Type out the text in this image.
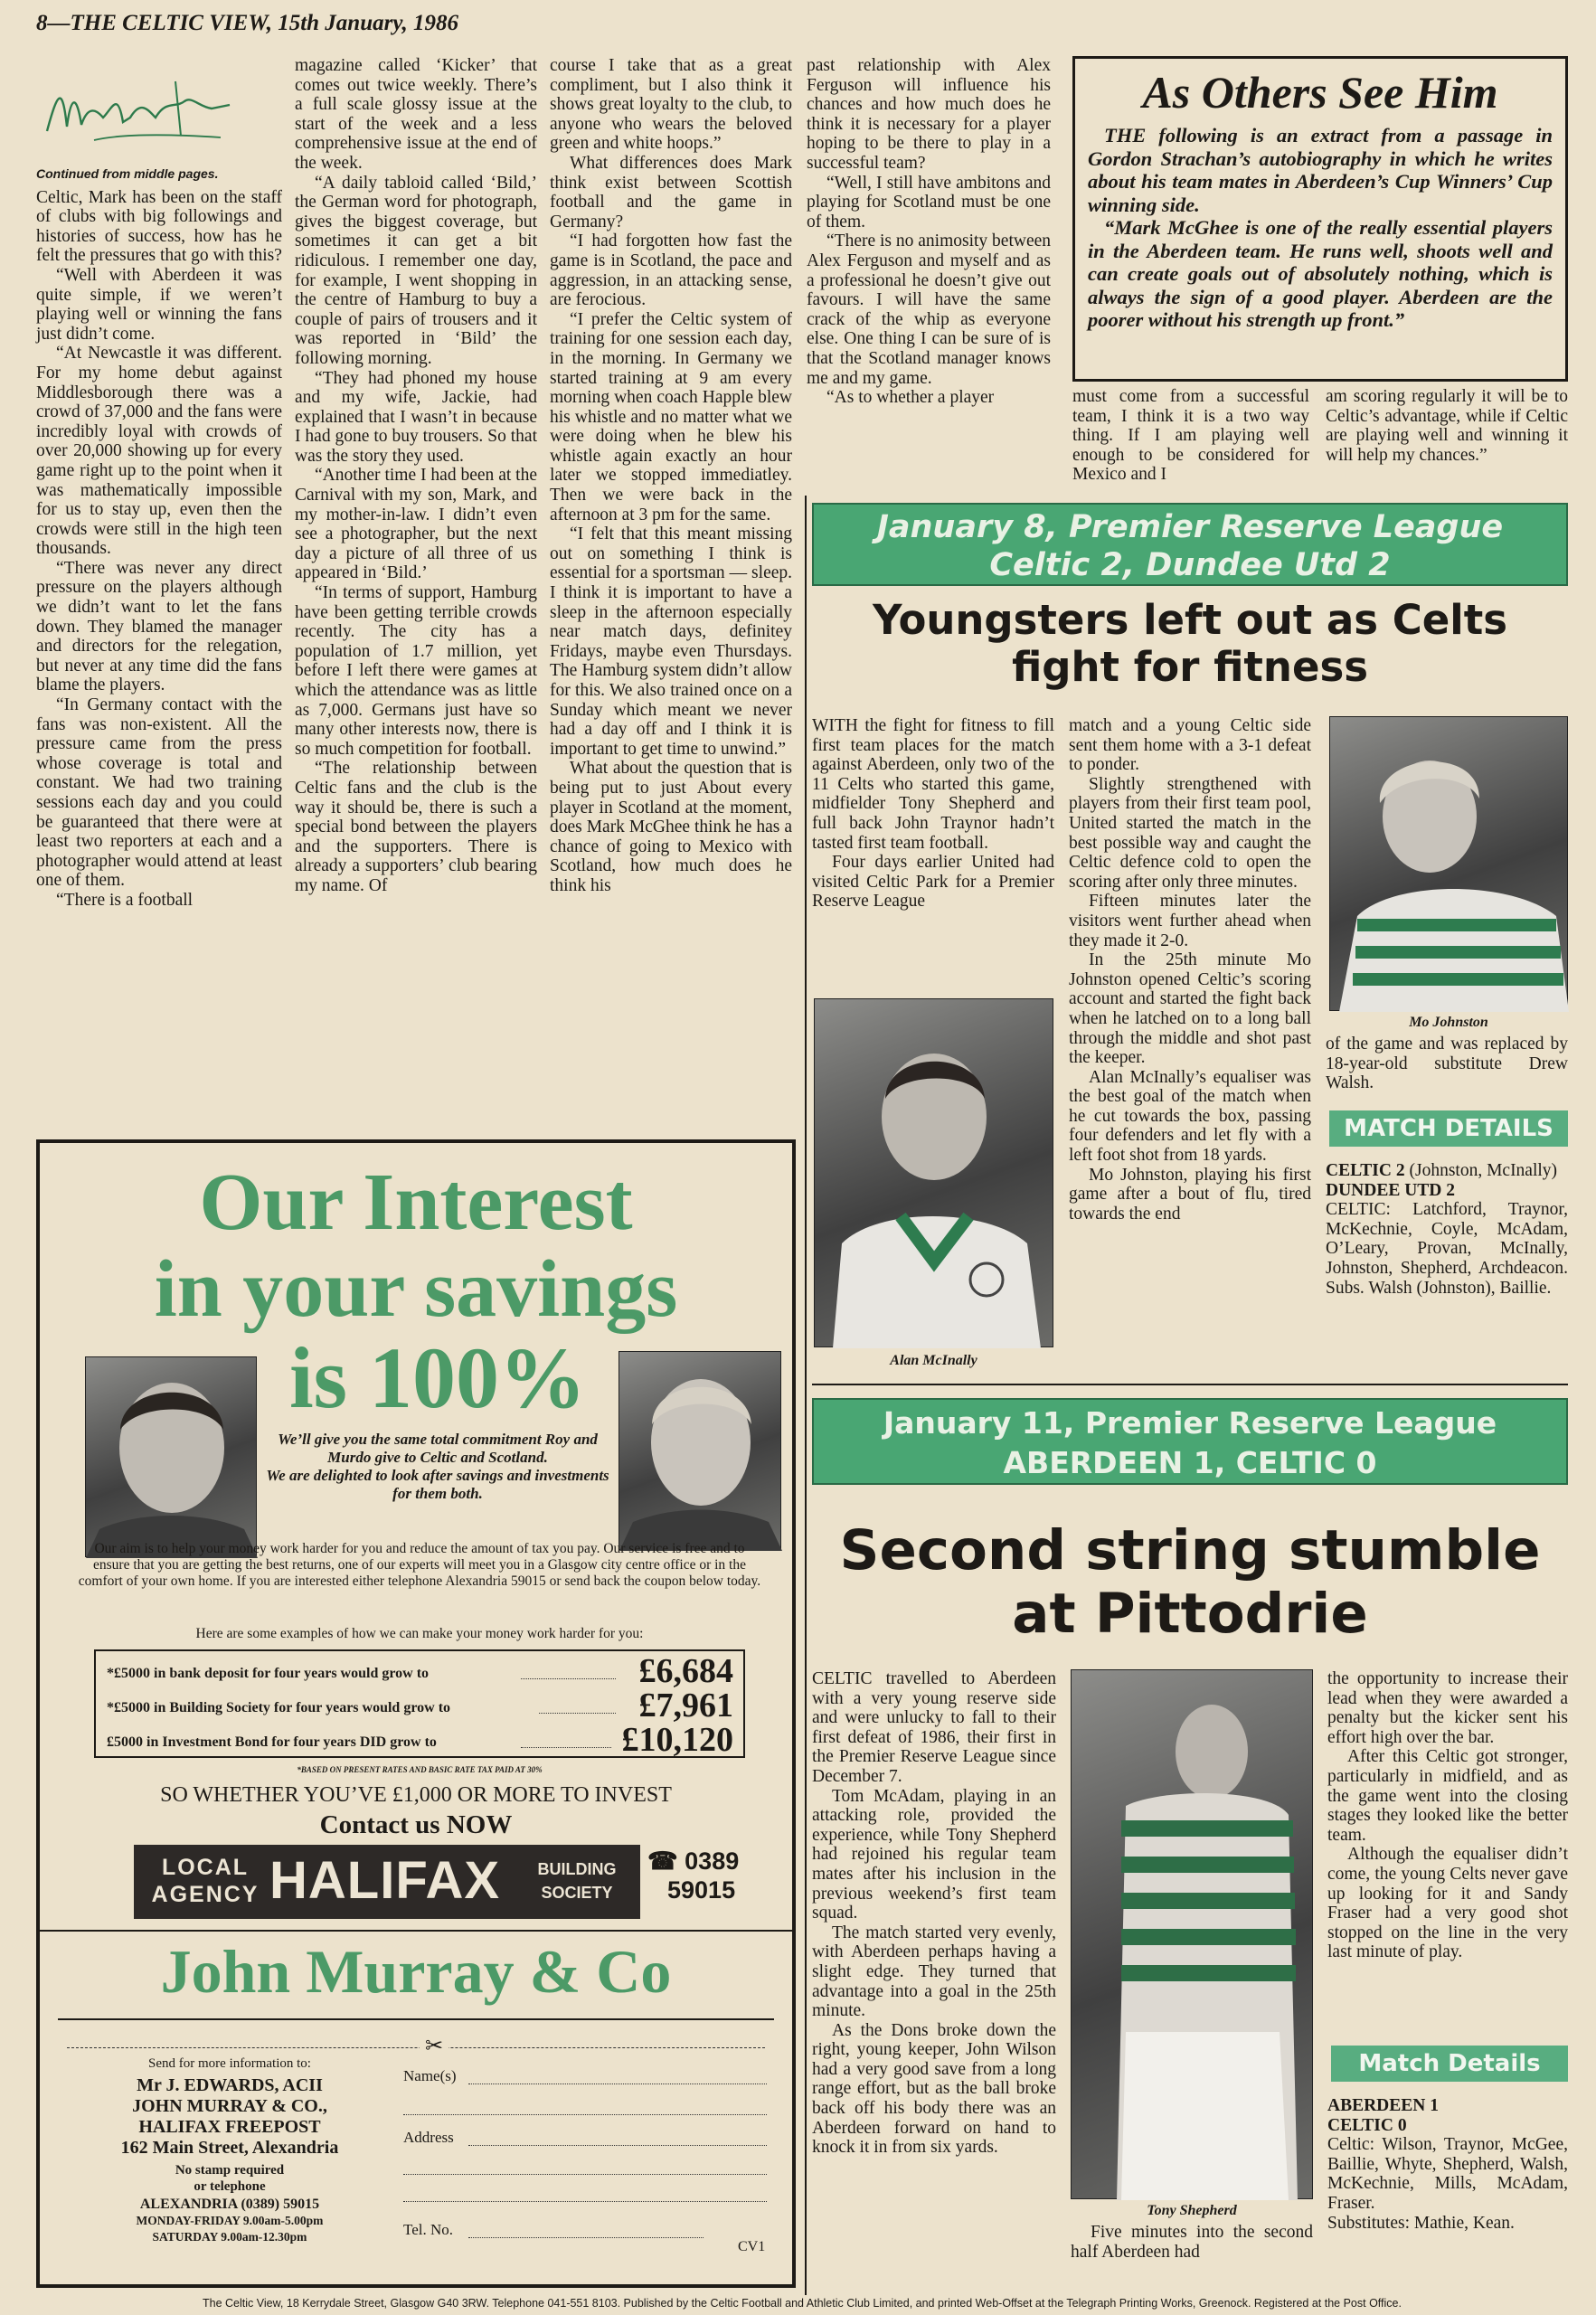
8—THE CELTIC VIEW, 15th January, 1986
Continued from middle pages.

Celtic, Mark has been on the staff of clubs with big followings and histories of success, how has he felt the pressures that go with this?

“Well with Aberdeen it was quite simple, if we weren’t playing well or winning the fans just didn’t come.

“At Newcastle it was different. For my home debut against Middlesborough there was a crowd of 37,000 and the fans were incredibly loyal with crowds of over 20,000 showing up for every game right up to the point when it was mathematically impossible for us to stay up, even then the crowds were still in the high teen thousands.

“There was never any direct pressure on the players although we didn’t want to let the fans down. They blamed the manager and directors for the relegation, but never at any time did the fans blame the players.

“In Germany contact with the fans was non-existent. All the pressure came from the press whose coverage is total and constant. We had two training sessions each day and you could be guaranteed that there were at least two reporters at each and a photographer would attend at least one of them.

“There is a football

magazine called ‘Kicker’ that comes out twice weekly. There’s a full scale glossy issue at the start of the week and a less comprehensive issue at the end of the week.

“A daily tabloid called ‘Bild,’ the German word for photograph, gives the biggest coverage, but sometimes it can get a bit ridiculous. I remember one day, for example, I went shopping in the centre of Hamburg to buy a couple of pairs of trousers and it was reported in ‘Bild’ the following morning.

“They had phoned my house and my wife, Jackie, had explained that I wasn’t in because I had gone to buy trousers. So that was the story they used.

“Another time I had been at the Carnival with my son, Mark, and my mother-in-law. I didn’t even see a photographer, but the next day a picture of all three of us appeared in ‘Bild.’

“In terms of support, Hamburg have been getting terrible crowds recently. The city has a population of 1.7 million, yet before I left there were games at which the attendance was as little as 7,000. Germans just have so many other interests now, there is so much competition for football.

“The relationship between Celtic fans and the club is the way it should be, there is such a special bond between the players and the supporters. There is already a supporters’ club bearing my name. Of

course I take that as a great compliment, but I also think it shows great loyalty to the club, to anyone who wears the beloved green and white hoops.”

What differences does Mark think exist between Scottish football and the game in Germany?

“I had forgotten how fast the game is in Scotland, the pace and aggression, in an attacking sense, are ferocious.

“I prefer the Celtic system of training for one session each day, in the morning. In Germany we started training at 9 am every morning when coach Happle blew his whistle and no matter what we were doing when he blew his whistle again exactly an hour later we stopped immediatley. Then we were back in the afternoon at 3 pm for the same.

“I felt that this meant missing out on something I think is essential for a sportsman — sleep. I think it is important to have a sleep in the afternoon especially near match days, definitey Fridays, maybe even Thursdays. The Hamburg system didn’t allow for this. We also trained once on a Sunday which meant we never had a day off and I think it is important to get time to unwind.”

What about the question that is being put to just About every player in Scotland at the moment, does Mark McGhee think he has a chance of going to Mexico with Scotland, how much does he think his

past relationship with Alex Ferguson will influence his chances and how much does he think it is necessary for a player hoping to be there to play in a successful team?

“Well, I still have ambitons and playing for Scotland must be one of them.

“There is no animosity between Alex Ferguson and myself and as a professional he doesn’t give out favours. I will have the same crack of the whip as everyone else. One thing I can be sure of is that the Scotland manager knows me and my game.

“As to whether a player

As Others See Him

THE following is an extract from a passage in Gordon Strachan’s autobiography in which he writes about his team mates in Aberdeen’s Cup Winners’ Cup winning side.

“Mark McGhee is one of the really essential players in the Aberdeen team. He runs well, shoots well and can create goals out of absolutely nothing, which is always the sign of a good player. Aberdeen are the poorer without his strength up front.”

must come from a successful team, I think it is a two way thing. If I am playing well enough to be considered for Mexico and I

am scoring regularly it will be to Celtic’s advantage, while if Celtic are playing well and winning it will help my chances.”

January 8, Premier Reserve League
Celtic 2, Dundee Utd 2
Youngsters left out as Celts
fight for fitness

WITH the fight for fitness to fill first team places for the match against Aberdeen, only two of the 11 Celts who started this game, midfielder Tony Shepherd and full back John Traynor hadn’t tasted first team football.

Four days earlier United had visited Celtic Park for a Premier Reserve League

Alan McInally

match and a young Celtic side sent them home with a 3-1 defeat to ponder.

Slightly strengthened with players from their first team pool, United started the match in the best possible way and caught the Celtic defence cold to open the scoring after only three minutes.

Fifteen minutes later the visitors went further ahead when they made it 2-0.

In the 25th minute Mo Johnston opened Celtic’s scoring account and started the fight back when he latched on to a long ball through the middle and shot past the keeper.

Alan McInally’s equaliser was the best goal of the match when he cut towards the box, passing four defenders and let fly with a left foot shot from 18 yards.

Mo Johnston, playing his first game after a bout of flu, tired towards the end

Mo Johnston

of the game and was replaced by 18-year-old substitute Drew Walsh.

MATCH DETAILS

CELTIC 2 (Johnston, McInally)

DUNDEE UTD 2

CELTIC: Latchford, Traynor, McKechnie, Coyle, McAdam, O’Leary, Provan, McInally, Johnston, Shepherd, Archdeacon. Subs. Walsh (Johnston), Baillie.

January 11, Premier Reserve League
ABERDEEN 1, CELTIC 0
Second string stumble
at Pittodrie

CELTIC travelled to Aberdeen with a very young reserve side and were unlucky to fall to their first defeat of 1986, their first in the Premier Reserve League since December 7.

Tom McAdam, playing in an attacking role, provided the experience, while Tony Shepherd had rejoined his regular team mates after his inclusion in the previous weekend’s first team squad.

The match started very evenly, with Aberdeen perhaps having a slight edge. They turned that advantage into a goal in the 25th minute.

As the Dons broke down the right, young keeper, John Wilson had a very good save from a long range effort, but as the ball broke back off his body there was an Aberdeen forward on hand to knock it in from six yards.

Tony Shepherd

Five minutes into the second half Aberdeen had

the opportunity to increase their lead when they were awarded a penalty but the kicker sent his effort high over the bar.

After this Celtic got stronger, particularly in midfield, and as the game went into the closing stages they looked like the better team.

Although the equaliser didn’t come, the young Celts never gave up looking for it and Sandy Fraser had a very good shot stopped on the line in the very last minute of play.

Match Details

ABERDEEN 1

CELTIC 0

Celtic: Wilson, Traynor, McGee, Baillie, Whyte, Shepherd, Walsh, McKechnie, Mills, McAdam, Fraser.

Substitutes: Mathie, Kean.

Our Interest
in your savings
is 100%
We’ll give you the same total commitment Roy and Murdo give to Celtic and Scotland.
We are delighted to look after savings and investments for them both.
Our aim is to help your money work harder for you and reduce the amount of tax you pay. Our service is free and to ensure that you are getting the best returns, one of our experts will meet you in a Glasgow city centre office or in the comfort of your own home. If you are interested either telephone Alexandria 59015 or send back the coupon below today.
Here are some examples of how we can make your money work harder for you:
*£5000 in bank deposit for four years would grow to	£6,684
*£5000 in Building Society for four years would grow to	£7,961
£5000 in Investment Bond for four years DID grow to	£10,120
*BASED ON PRESENT RATES AND BASIC RATE TAX PAID AT 30%
SO WHETHER YOU’VE £1,000 OR MORE TO INVEST
Contact us NOW
LOCAL
AGENCY HALIFAX	BUILDING
SOCIETY
☎ 0389
59015
John Murray & Co
✂
Send for more information to:
Mr J. EDWARDS, ACII
JOHN MURRAY & CO.,
HALIFAX FREEPOST
162 Main Street, Alexandria
No stamp required
or telephone
ALEXANDRIA (0389) 59015
MONDAY-FRIDAY 9.00am-5.00pm
SATURDAY 9.00am-12.30pm
Name(s)
Address
Tel. No.
CV1
The Celtic View, 18 Kerrydale Street, Glasgow G40 3RW. Telephone 041-551 8103. Published by the Celtic Football and Athletic Club Limited, and printed Web-Offset at the Telegraph Printing Works, Greenock. Registered at the Post Office.
